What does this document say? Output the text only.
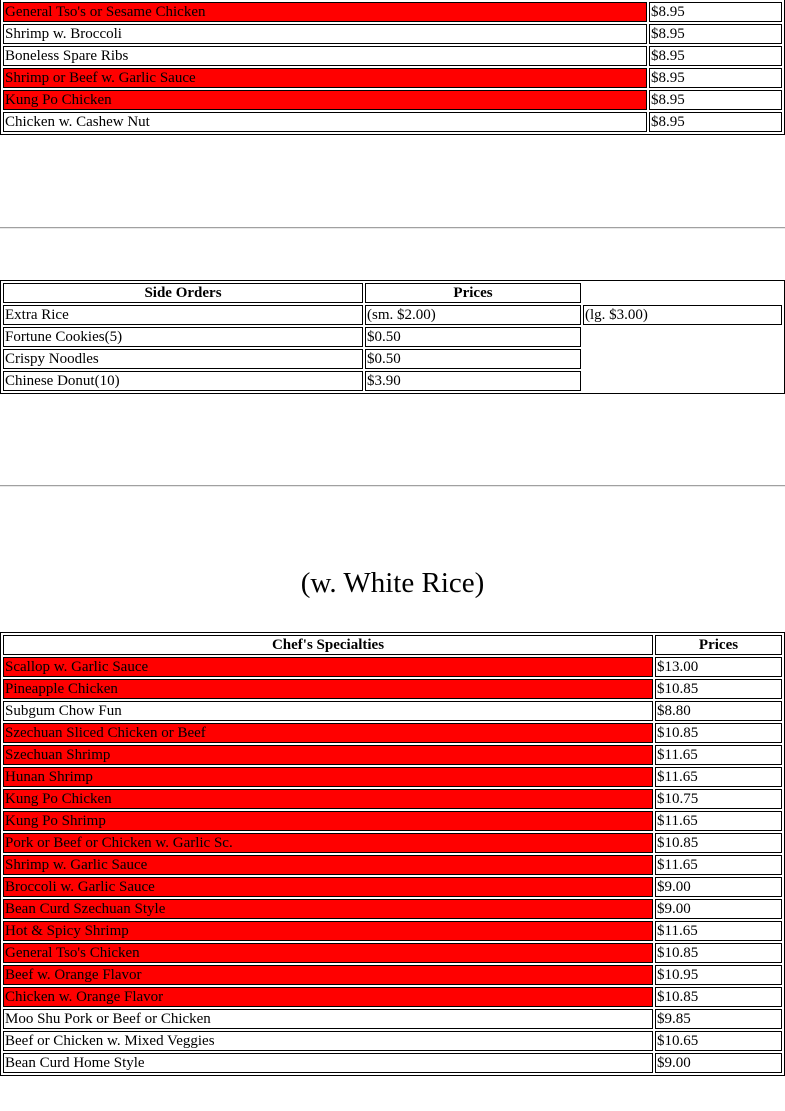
General Tso's or Sesame Chicken	$8.95
Shrimp w. Broccoli	$8.95
Boneless Spare Ribs	$8.95
Shrimp or Beef w. Garlic Sauce	$8.95
Kung Po Chicken	$8.95
Chicken w. Cashew Nut	$8.95
Side Orders	Prices	
Extra Rice	(sm. $2.00)	(lg. $3.00)
Fortune Cookies(5)	$0.50	
Crispy Noodles	$0.50	
Chinese Donut(10)	$3.90	
(w. White Rice)
Chef's Specialties	Prices
Scallop w. Garlic Sauce	$13.00
Pineapple Chicken	$10.85
Subgum Chow Fun	$8.80
Szechuan Sliced Chicken or Beef	$10.85
Szechuan Shrimp	$11.65
Hunan Shrimp	$11.65
Kung Po Chicken	$10.75
Kung Po Shrimp	$11.65
Pork or Beef or Chicken w. Garlic Sc.	$10.85
Shrimp w. Garlic Sauce	$11.65
Broccoli w. Garlic Sauce	$9.00
Bean Curd Szechuan Style	$9.00
Hot & Spicy Shrimp	$11.65
General Tso's Chicken	$10.85
Beef w. Orange Flavor	$10.95
Chicken w. Orange Flavor	$10.85
Moo Shu Pork or Beef or Chicken	$9.85
Beef or Chicken w. Mixed Veggies	$10.65
Bean Curd Home Style	$9.00
